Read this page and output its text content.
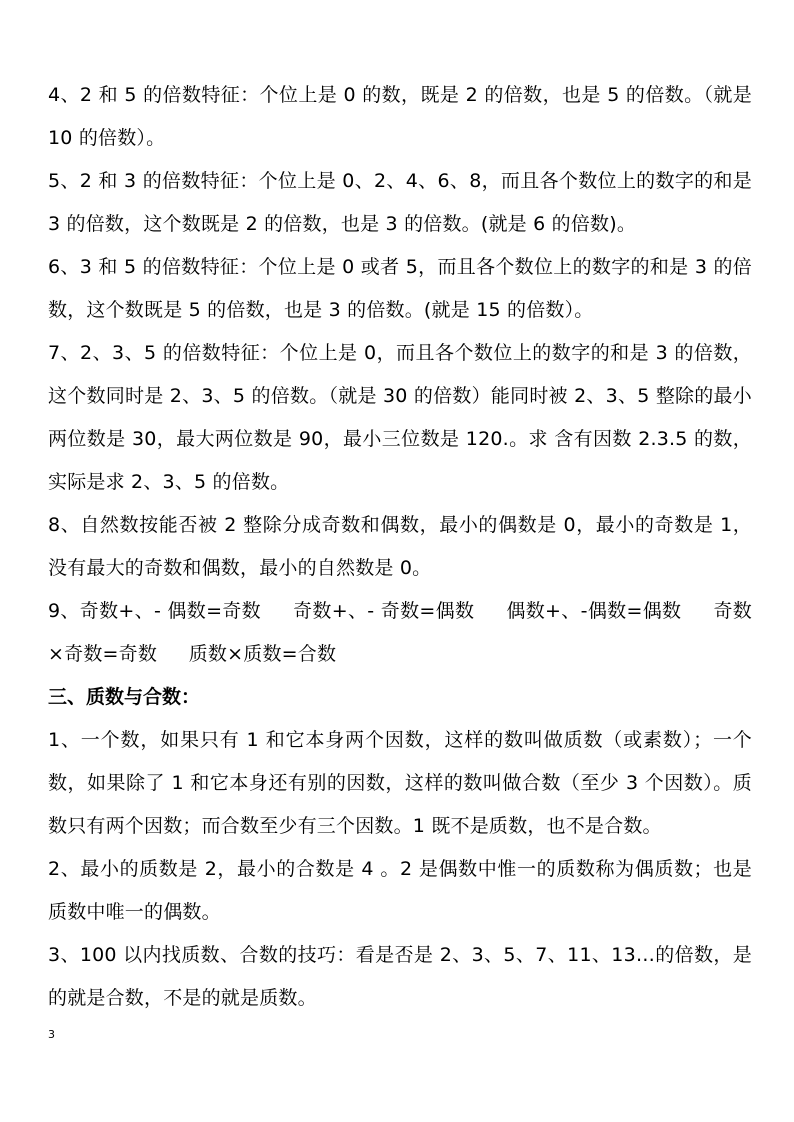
4、2 和 5 的倍数特征：个位上是 0 的数，既是 2 的倍数，也是 5 的倍数。（就是 10 的倍数）。

5、2 和 3 的倍数特征：个位上是 0、2、4、6、8，而且各个数位上的数字的和是 3 的倍数，这个数既是 2 的倍数，也是 3 的倍数。(就是 6 的倍数)。

6、3 和 5 的倍数特征：个位上是 0 或者 5，而且各个数位上的数字的和是 3 的倍数，这个数既是 5 的倍数，也是 3 的倍数。(就是 15 的倍数）。

7、2、3、5 的倍数特征：个位上是 0，而且各个数位上的数字的和是 3 的倍数，这个数同时是 2、3、5 的倍数。（就是 30 的倍数）能同时被 2、3、5 整除的最小两位数是 30，最大两位数是 90，最小三位数是 120.。求 含有因数 2.3.5 的数，实际是求 2、3、5 的倍数。

8、自然数按能否被 2 整除分成奇数和偶数，最小的偶数是 0，最小的奇数是 1，没有最大的奇数和偶数，最小的自然数是 0。

9、奇数+、- 偶数=奇数 　 奇数+、- 奇数=偶数 　 偶数+、-偶数=偶数 　 奇数×奇数=奇数 　 质数×质数=合数

三、质数与合数：

1、一个数，如果只有 1 和它本身两个因数，这样的数叫做质数（或素数）；一个数，如果除了 1 和它本身还有别的因数，这样的数叫做合数（至少 3 个因数）。质数只有两个因数；而合数至少有三个因数。1 既不是质数，也不是合数。

2、最小的质数是 2，最小的合数是 4 。2 是偶数中惟一的质数称为偶质数；也是质数中唯一的偶数。

3、100 以内找质数、合数的技巧：看是否是 2、3、5、7、11、13…的倍数，是的就是合数，不是的就是质数。

3
